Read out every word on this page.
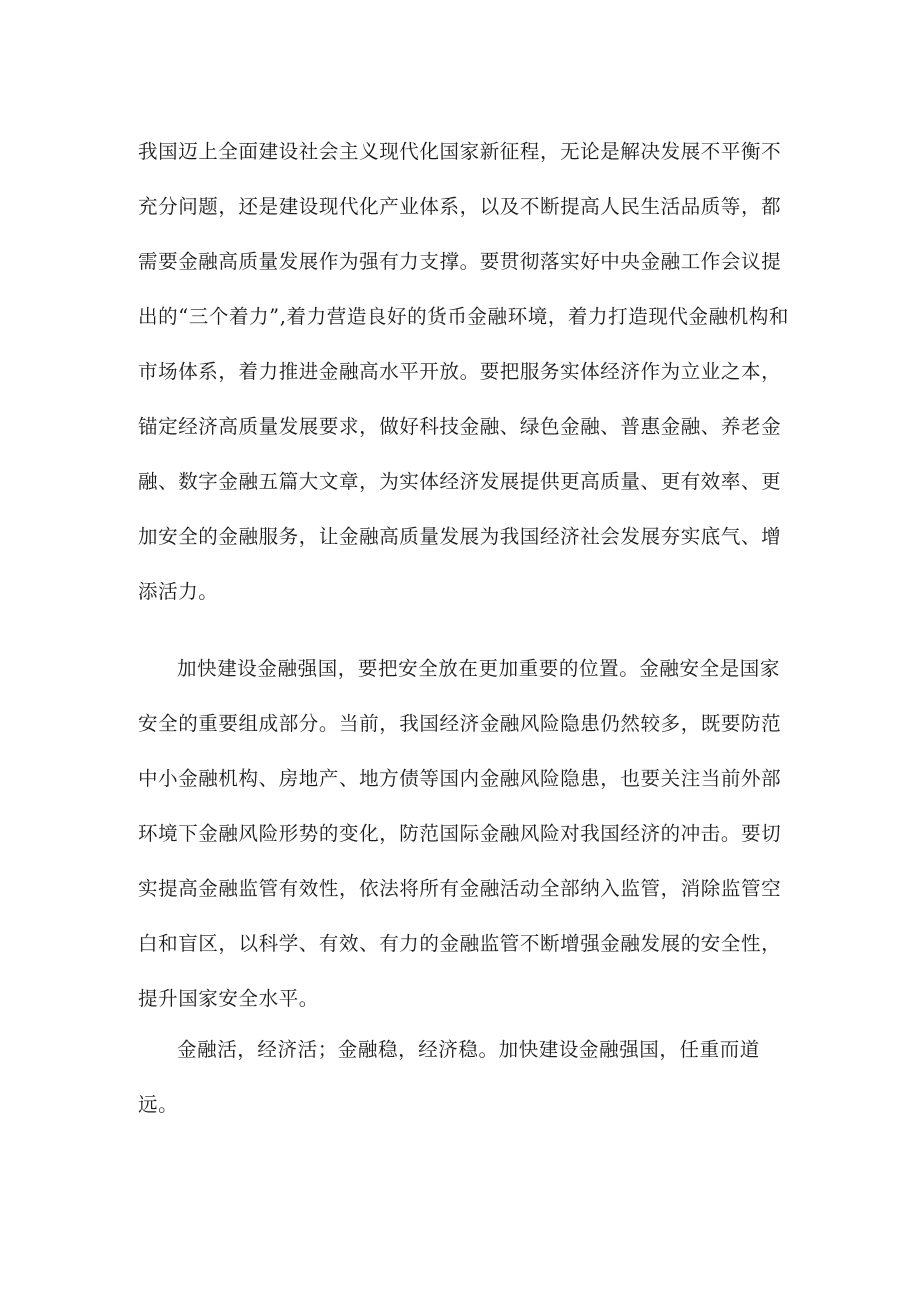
我国迈上全面建设社会主义现代化国家新征程，无论是解决发展不平衡不充分问题，还是建设现代化产业体系，以及不断提高人民生活品质等，都需要金融高质量发展作为强有力支撑。要贯彻落实好中央金融工作会议提出的“三个着力”,着力营造良好的货币金融环境，着力打造现代金融机构和市场体系，着力推进金融高水平开放。要把服务实体经济作为立业之本，锚定经济高质量发展要求，做好科技金融、绿色金融、普惠金融、养老金融、数字金融五篇大文章，为实体经济发展提供更高质量、更有效率、更加安全的金融服务，让金融高质量发展为我国经济社会发展夯实底气、增添活力。

加快建设金融强国，要把安全放在更加重要的位置。金融安全是国家安全的重要组成部分。当前，我国经济金融风险隐患仍然较多，既要防范中小金融机构、房地产、地方债等国内金融风险隐患，也要关注当前外部环境下金融风险形势的变化，防范国际金融风险对我国经济的冲击。要切实提高金融监管有效性，依法将所有金融活动全部纳入监管，消除监管空白和盲区，以科学、有效、有力的金融监管不断增强金融发展的安全性，提升国家安全水平。

金融活，经济活；金融稳，经济稳。加快建设金融强国，任重而道远。
